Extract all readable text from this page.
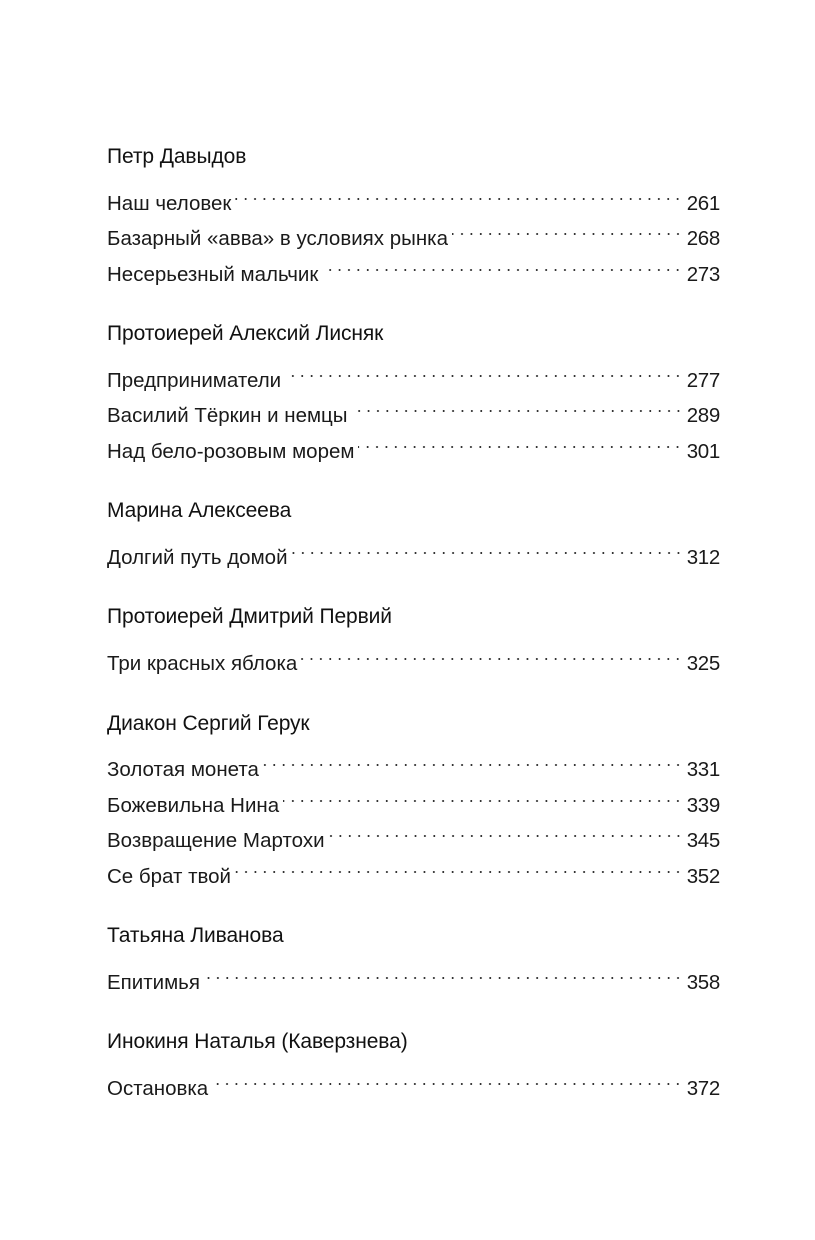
Петр Давыдов
Наш человек	261
Базарный «авва» в условиях рынка	268
Несерьезный мальчик	273
Протоиерей Алексий Лисняк
Предприниматели	277
Василий Тёркин и немцы	289
Над бело-розовым морем	301
Марина Алексеева
Долгий путь домой	312
Протоиерей Дмитрий Первий
Три красных яблока	325
Диакон Сергий Герук
Золотая монета	331
Божевильна Нина	339
Возвращение Мартохи	345
Се брат твой	352
Татьяна Ливанова
Епитимья	358
Инокиня Наталья (Каверзнева)
Остановка	372
